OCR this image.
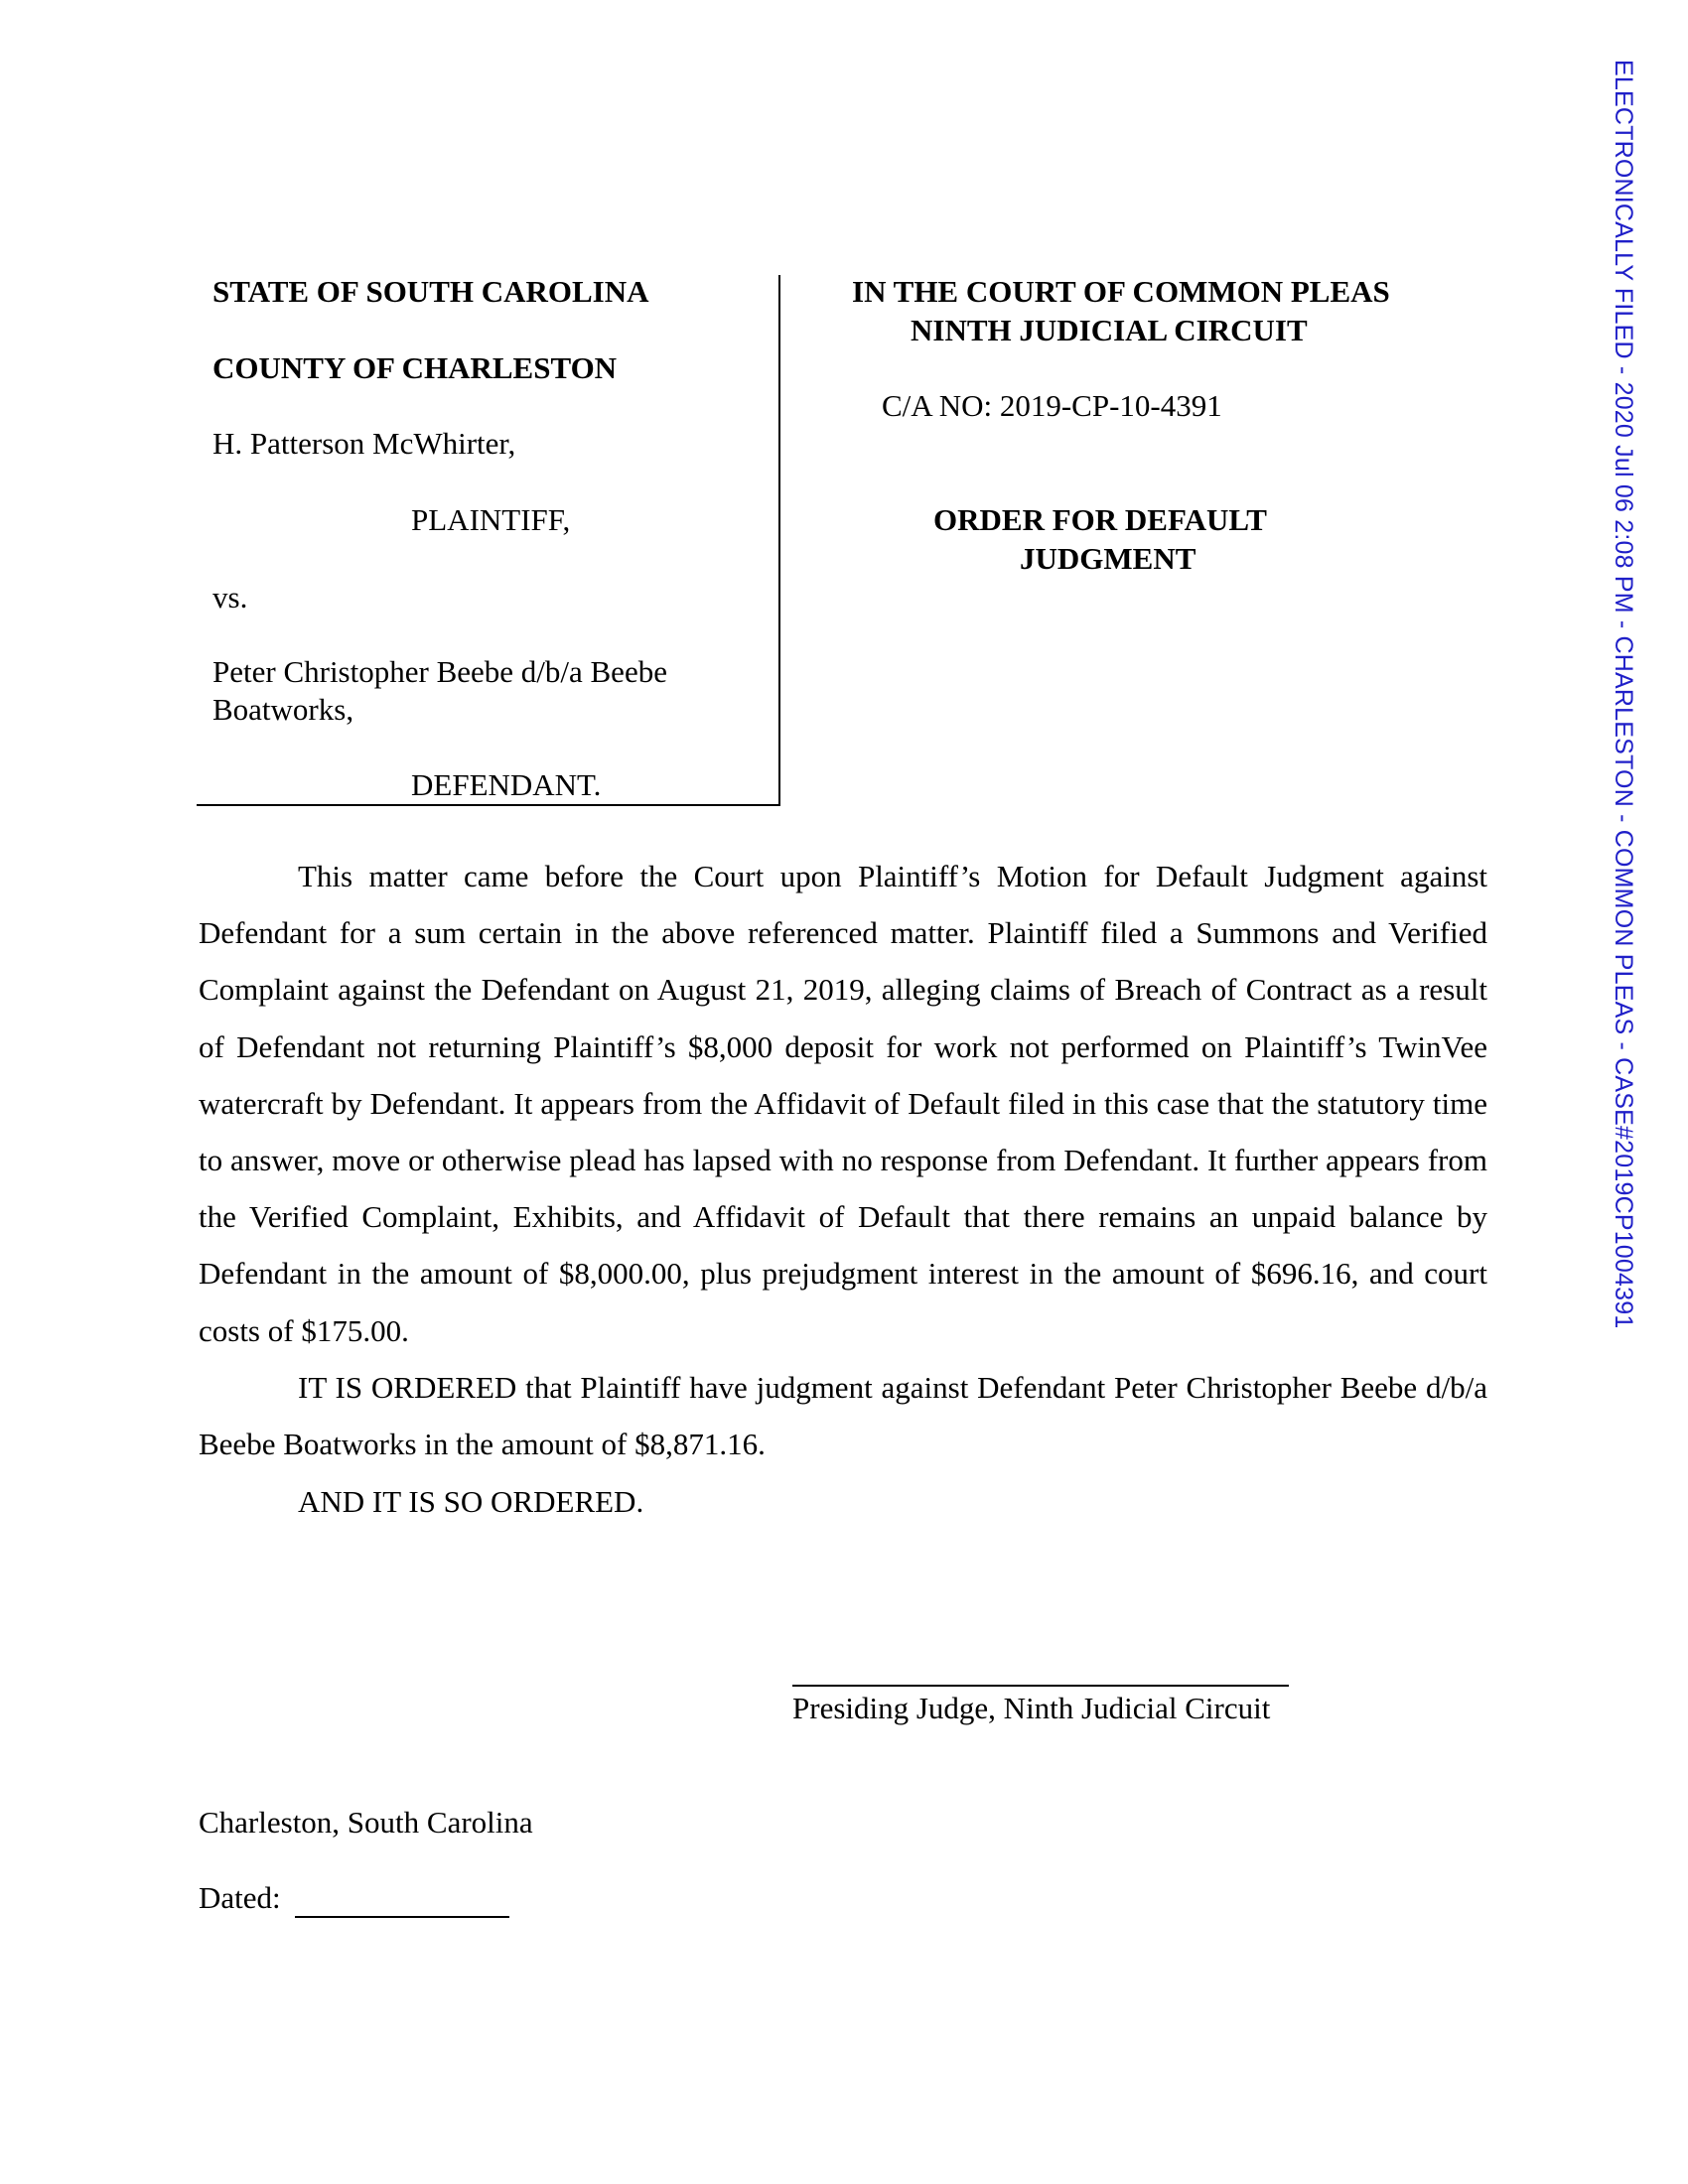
ELECTRONICALLY FILED - 2020 Jul 06 2:08 PM - CHARLESTON - COMMON PLEAS - CASE#2019CP1004391
STATE OF SOUTH CAROLINA
COUNTY OF CHARLESTON
H. Patterson McWhirter,
PLAINTIFF,
vs.
Peter Christopher Beebe d/b/a Beebe
Boatworks,
DEFENDANT.
IN THE COURT OF COMMON PLEAS
NINTH JUDICIAL CIRCUIT
C/A NO: 2019-CP-10-4391
ORDER FOR DEFAULT
JUDGMENT
This matter came before the Court upon Plaintiff’s Motion for Default Judgment against Defendant for a sum certain in the above referenced matter. Plaintiff filed a Summons and Verified Complaint against the Defendant on August 21, 2019, alleging claims of Breach of Contract as a result of Defendant not returning Plaintiff’s $8,000 deposit for work not performed on Plaintiff’s TwinVee watercraft by Defendant. It appears from the Affidavit of Default filed in this case that the statutory time to answer, move or otherwise plead has lapsed with no response from Defendant. It further appears from the Verified Complaint, Exhibits, and Affidavit of Default that there remains an unpaid balance by Defendant in the amount of $8,000.00, plus prejudgment interest in the amount of $696.16, and court costs of $175.00.
IT IS ORDERED that Plaintiff have judgment against Defendant Peter Christopher Beebe d/b/a Beebe Boatworks in the amount of $8,871.16.
AND IT IS SO ORDERED.
Presiding Judge, Ninth Judicial Circuit
Charleston, South Carolina
Dated:
